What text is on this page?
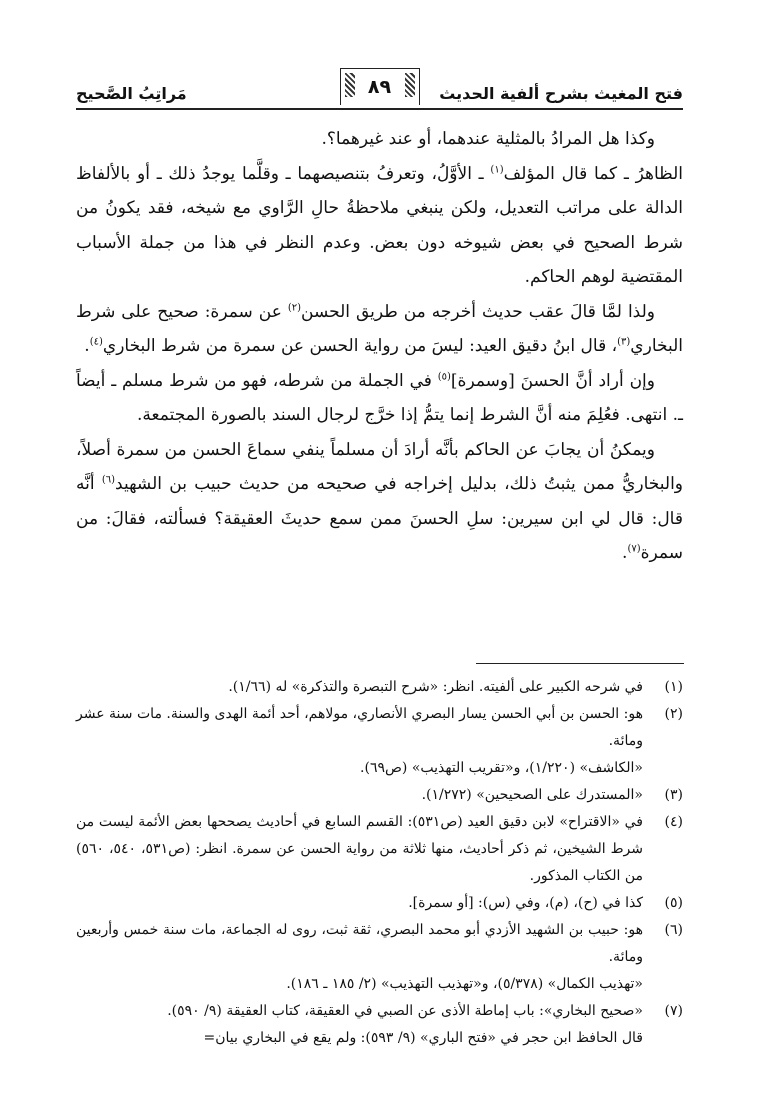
فتح المغيث بشرح ألفية الحديث
٨٩
مَراتِبُ الصَّحيح

وكذا هل المرادُ بالمثلية عندهما، أو عند غيرهما؟.

الظاهرُ ـ كما قال المؤلف$^{(١)}$ ـ الأوَّلُ، وتعرفُ بتنصيصهما ـ وقلَّما يوجدُ ذلك ـ أو بالألفاظ الدالة على مراتب التعديل، ولكن ينبغي ملاحظةُ حالِ الرَّاوي مع شيخه، فقد يكونُ من شرط الصحيح في بعض شيوخه دون بعض. وعدم النظر في هذا من جملة الأسباب المقتضية لوهم الحاكم.

ولذا لمَّا قالَ عقب حديث أخرجه من طريق الحسن$^{(٢)}$ عن سمرة: صحيح على شرط البخاري$^{(٣)}$، قال ابنُ دقيق العيد: ليسَ من رواية الحسن عن سمرة من شرط البخاري$^{(٤)}$.

وإن أراد أنَّ الحسنَ [وسمرة]$^{(٥)}$ في الجملة من شرطه، فهو من شرط مسلم ـ أيضاً ـ. انتهى. فعُلِمَ منه أنَّ الشرط إنما يتمُّ إذا خرَّج لرجال السند بالصورة المجتمعة.

ويمكنُ أن يجابَ عن الحاكم بأنَّه أرادَ أن مسلماً ينفي سماعَ الحسن من سمرة أصلاً، والبخاريُّ ممن يثبتُ ذلك، بدليل إخراجه في صحيحه من حديث حبيب بن الشهيد$^{(٦)}$ أنَّه قال: قال لي ابن سيرين: سلِ الحسنَ ممن سمع حديثَ العقيقة؟ فسألته، فقالَ: من سمرة$^{(٧)}$.

(١)
في شرحه الكبير على ألفيته. انظر: «شرح التبصرة والتذكرة» له (١/٦٦).
(٢)
هو: الحسن بن أبي الحسن يسار البصري الأنصاري، مولاهم، أحد أئمة الهدى والسنة. مات سنة عشر ومائة.
«الكاشف» (١/٢٢٠)، و«تقريب التهذيب» (ص٦٩).
(٣)
«المستدرك على الصحيحين» (١/٢٧٢).
(٤)
في «الاقتراح» لابن دقيق العيد (ص٥٣١): القسم السابع في أحاديث يصححها بعض الأئمة ليست من شرط الشيخين، ثم ذكر أحاديث، منها ثلاثة من رواية الحسن عن سمرة. انظر: (ص٥٣١، ٥٤٠، ٥٦٠) من الكتاب المذكور.
(٥)
كذا في (ح)، (م)، وفي (س): [أو سمرة].
(٦)
هو: حبيب بن الشهيد الأزدي أبو محمد البصري، ثقة ثبت، روى له الجماعة، مات سنة خمس وأربعين ومائة.
«تهذيب الكمال» (٥/٣٧٨)، و«تهذيب التهذيب» (٢/ ١٨٥ ـ ١٨٦).
(٧)
«صحيح البخاري»: باب إماطة الأذى عن الصبي في العقيقة، كتاب العقيقة (٩/ ٥٩٠).
قال الحافظ ابن حجر في «فتح الباري» (٩/ ٥٩٣): ولم يقع في البخاري بيان=
